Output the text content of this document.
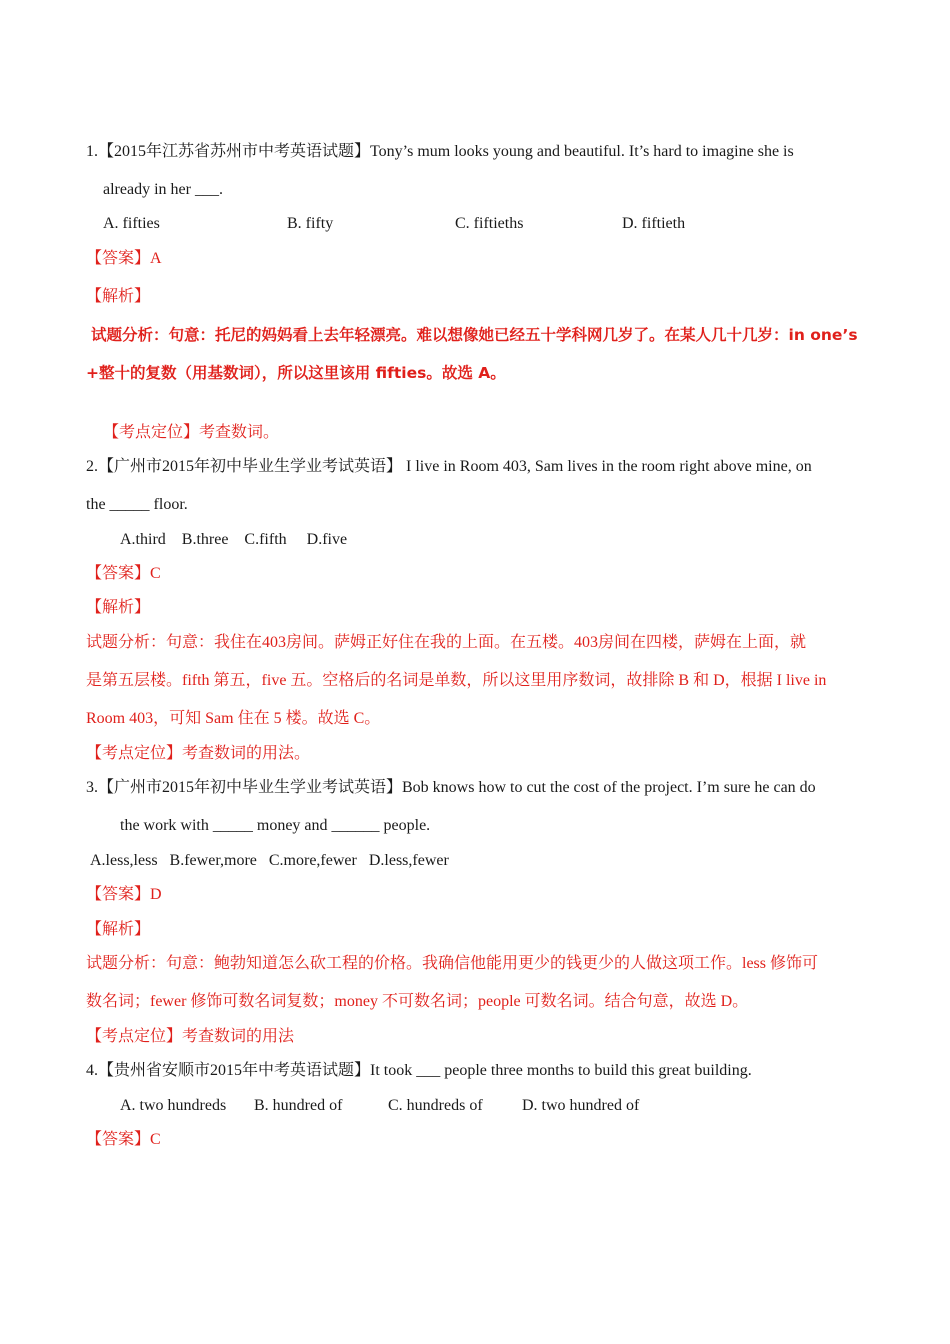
1.【2015年江苏省苏州市中考英语试题】Tony’s mum looks young and beautiful. It’s hard to imagine she is
already in her ___.
A. fifties	B. fifty	C. fiftieths	D. fiftieth
【答案】A
【解析】
试题分析：句意：托尼的妈妈看上去年轻漂亮。难以想像她已经五十学科网几岁了。在某人几十几岁：in one’s
+整十的复数（用基数词），所以这里该用 fifties。故选 A。
【考点定位】考查数词。
2.【广州市2015年初中毕业生学业考试英语】 I live in Room 403, Sam lives in the room right above mine, on
the _____ floor.
A.third    B.three    C.fifth     D.five
【答案】C
【解析】
试题分析：句意：我住在403房间。萨姆正好住在我的上面。在五楼。403房间在四楼，萨姆在上面，就
是第五层楼。fifth 第五，five 五。空格后的名词是单数，所以这里用序数词，故排除 B 和 D，根据 I live in
Room 403，可知 Sam 住在 5 楼。故选 C。
【考点定位】考查数词的用法。
3.【广州市2015年初中毕业生学业考试英语】Bob knows how to cut the cost of the project. I’m sure he can do
the work with _____ money and ______ people.
A.less,less   B.fewer,more   C.more,fewer   D.less,fewer
【答案】D
【解析】
试题分析：句意：鲍勃知道怎么砍工程的价格。我确信他能用更少的钱更少的人做这项工作。less 修饰可
数名词；fewer 修饰可数名词复数；money 不可数名词；people 可数名词。结合句意，故选 D。
【考点定位】考查数词的用法
4.【贵州省安顺市2015年中考英语试题】It took ___ people three months to build this great building.
A. two hundreds B. hundred of	C. hundreds of D. two hundred of
【答案】C
